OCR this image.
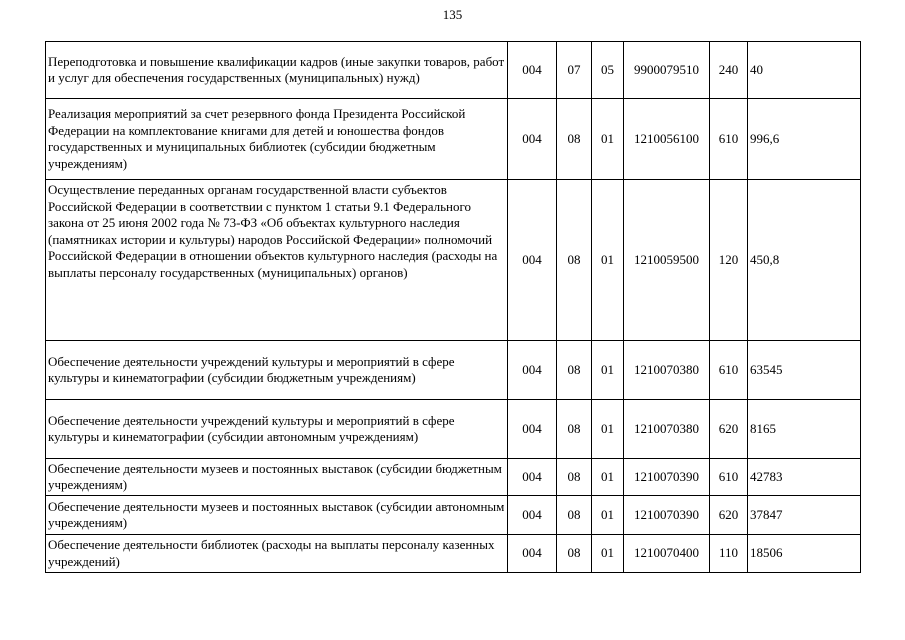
135
Переподготовка и повышение квалификации кадров (иные закупки товаров, работ и услуг для обеспечения государственных (муниципальных) нужд)	004	07	05	9900079510	240	40
Реализация мероприятий за счет резервного фонда Президента Российской Федерации на комплектование книгами для детей и юношества фондов государственных и муниципальных библиотек (субсидии бюджетным учреждениям)	004	08	01	1210056100	610	996,6
Осуществление переданных органам государственной власти субъектов Российской Федерации в соответствии с пунктом 1 статьи 9.1 Федерального закона от 25 июня 2002 года № 73-ФЗ «Об объектах культурного наследия (памятниках истории и культуры) народов Российской Федерации» полномочий Российской Федерации в отношении объектов культурного наследия (расходы на выплаты персоналу государственных (муниципальных) органов)	004	08	01	1210059500	120	450,8
Обеспечение деятельности учреждений культуры и мероприятий в сфере культуры и кинематографии (субсидии бюджетным учреждениям)	004	08	01	1210070380	610	63545
Обеспечение деятельности учреждений культуры и мероприятий в сфере культуры и кинематографии (субсидии автономным учреждениям)	004	08	01	1210070380	620	8165
Обеспечение деятельности музеев и постоянных выставок (субсидии бюджетным учреждениям)	004	08	01	1210070390	610	42783
Обеспечение деятельности музеев и постоянных выставок (субсидии автономным учреждениям)	004	08	01	1210070390	620	37847
Обеспечение деятельности библиотек (расходы на выплаты персоналу казенных учреждений)	004	08	01	1210070400	110	18506
